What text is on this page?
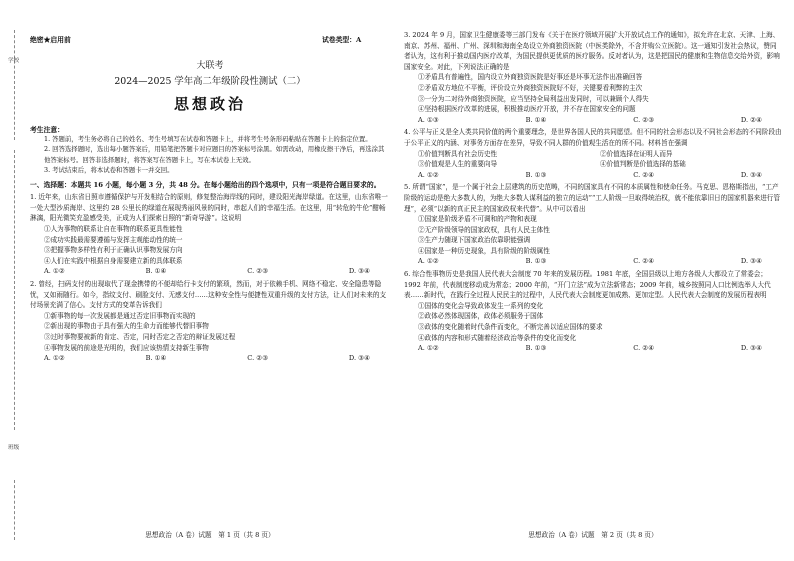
学校
班级
绝密★启用前
大联考
2024—2025 学年高二年级阶段性测试（二）
思想政治
考生注意：
1. 答题前，考生务必将自己的姓名、考生号填写在试卷和答题卡上，并将考生号条形码粘贴在答题卡上的指定位置。
2. 回答选择题时，选出每小题答案后，用铅笔把答题卡对应题目的答案标号涂黑。如需改动，用橡皮擦干净后，再选涂其他答案标号。回答非选择题时，将答案写在答题卡上，写在本试卷上无效。
3. 考试结束后，将本试卷和答题卡一并交回。
一、选择题：本题共 16 小题，每小题 3 分，共 48 分。在每小题给出的四个选项中，只有一项是符合题目要求的。
1. 近年来，山东省日照市遵循保护与开发相结合的原则，修复整治海岸线的同时，建设阳光海岸绿道。在这里，山东省唯一一处大型沙质海岸、这里约 28 公里长的绿道在展现秀丽风景的同时，串起人们的幸福生活。在这里，用“转危的牛伦”酣畅淋漓，阳光微笑充盈感受美，正成为人们探索日照的“新奇导游”。这说明
①人为事物的联系让自在事物的联系更具性能性
②成功实践最需要遵循与发挥主观能动性的统一
③把握事物多样性有利于正确认识事物发展方向
④人们在实践中根据自身需要建立新的具体联系
A. ①②	B. ①④	C. ②③	D. ③④
2. 曾经，扫码支付的出现取代了现金携带的不便却给行卡支付的繁琐，然而，对于依赖手机、网络不稳定、安全隐患等隐忧，又如雨随行。如今，指纹支付、刷脸支付、无感支付……这种安全性与便捷性双重升级的支付方法，让人们对未来的支付场景充满了信心。支付方式的变革告诉我们
①新事物的每一次发展都是通过否定旧事物而实现的
②新出现的事物由于具有强大的生命力而能够代替旧事物
③过时事物要被新的肯定、否定，同时否定之否定的辩证发展过程
④事物发展的前途是光明的，我们应该热情支持新生事物
A. ①②	B. ①④	C. ②③	D. ③④
思想政治（A 卷）试题　第 1 页（共 8 页）
试卷类型：A
3. 2024 年 9 月，国家卫生健康委等三部门发布《关于在医疗领域开展扩大开放试点工作的通知》，拟允许在北京、天津、上海、南京、苏州、福州、广州、深圳和海南全岛设立外商独资医院（中医类除外，不含并购公立医院）。这一通知引发社会热议，赞同者认为，这有利于推动国内医疗改革，为国民提供更优质的医疗服务。反对者认为，这是把国民的健康和生物信息交给外资，影响国家安全。对此，下列说法正确的是
①矛盾具有普遍性，国内设立外商独资医院是好事还是坏事无法作出准确回答
②矛盾双方地位不平衡，评价设立外商独资医院好不好，关键要看利弊的主次
③一分为二对待外商独资医院，应当坚持全局利益出发同时，可以兼顾个人得失
④坚持根据医疗改革的进展，积极推动医疗开放，并不存在国家安全的问题
A. ①③	B. ①④	C. ②③	D. ②④
4. 公平与正义是全人类共同价值的两个重要理念，是世界各国人民的共同愿望。但不同的社会形态以及不同社会形态的不同阶段由于公平正义的内涵、对事务方面存在差异，导致不同人群的价值观生活在的所不同。材料旨在强调
①价值判断具有社会历史性	②价值选择在证明人而异
③价值观是人生的重要向导	④价值判断是价值选择的基础
A. ①②	B. ①③	C. ②④	D. ③④
5. 所谓“国家”，是一个属于社会上层建筑的历史范畴，不同的国家具有不同的本质属性和使命任务。马克思、恩格斯指出，“工产阶级的运动是绝大多数人的，为绝大多数人谋利益的独立的运动”“工人阶级一旦取得统治权，就不能依靠旧日的国家机器来进行管理”，必须“以新的真正民主的国家政权来代替”。从中可以看出
①国家是阶级矛盾不可调和的产物和表现
②无产阶级领导的国家政权，具有人民主体性
③生产力随现下国家政治依靠职能强调
④国家是一种历史现象，具有阶级的阶级属性
A. ①②	B. ①③	C. ②④	D. ③④
6. 综合性事物历史是我国人民代表大会制度 70 年来的发展历程。1981 年底，全国县级以上地方各级人大都设立了常委会；1992 年前，代表制度移动成为常态；2000 年前，“开门立法”成为立法新常态；2009 年前，城乡按照同人口比例选举人大代表……新时代，在践行全过程人民民主的过程中，人民代表大会制度更加成熟、更加定型。人民代表大会制度的发展历程表明
①国体的变化会导致政体发生一系列的变化
②政体必然体现国体，政体必须服务于国体
③政体的变化随着时代条件而变化，不断完善以适应国体的要求
④政体的内容和形式随着经济政治等条件的变化而变化
A. ①②	B. ①③	C. ②④	D. ③④
思想政治（A 卷）试题　第 2 页（共 8 页）
